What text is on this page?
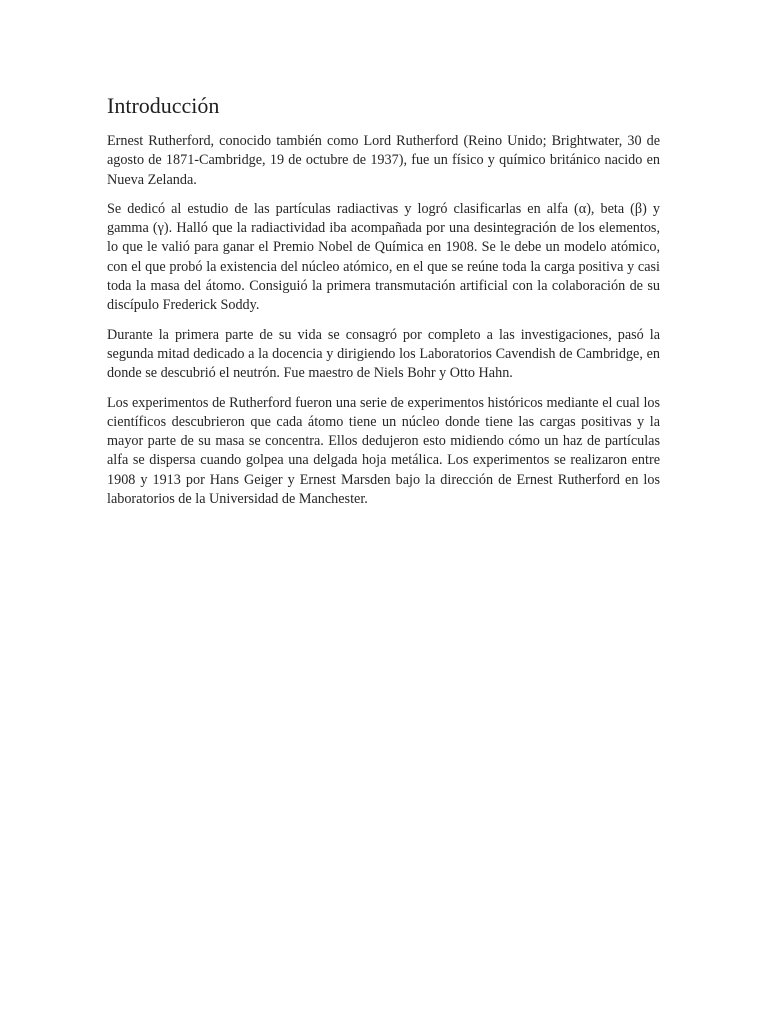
Introducción

Ernest Rutherford, conocido también como Lord Rutherford (Reino Unido; Brightwater, 30 de agosto de 1871-Cambridge, 19 de octubre de 1937), fue un físico y químico británico nacido en Nueva Zelanda.

Se dedicó al estudio de las partículas radiactivas y logró clasificarlas en alfa (α), beta (β) y gamma (γ). Halló que la radiactividad iba acompañada por una desintegración de los elementos, lo que le valió para ganar el Premio Nobel de Química en 1908. Se le debe un modelo atómico, con el que probó la existencia del núcleo atómico, en el que se reúne toda la carga positiva y casi toda la masa del átomo. Consiguió la primera transmutación artificial con la colaboración de su discípulo Frederick Soddy.

Durante la primera parte de su vida se consagró por completo a las investigaciones, pasó la segunda mitad dedicado a la docencia y dirigiendo los Laboratorios Cavendish de Cambridge, en donde se descubrió el neutrón. Fue maestro de Niels Bohr y Otto Hahn.

Los experimentos de Rutherford fueron una serie de experimentos históricos mediante el cual los científicos descubrieron que cada átomo tiene un núcleo donde tiene las cargas positivas y la mayor parte de su masa se concentra. Ellos dedujeron esto midiendo cómo un haz de partículas alfa se dispersa cuando golpea una delgada hoja metálica. Los experimentos se realizaron entre 1908 y 1913 por Hans Geiger y Ernest Marsden bajo la dirección de Ernest Rutherford en los laboratorios de la Universidad de Manchester.
